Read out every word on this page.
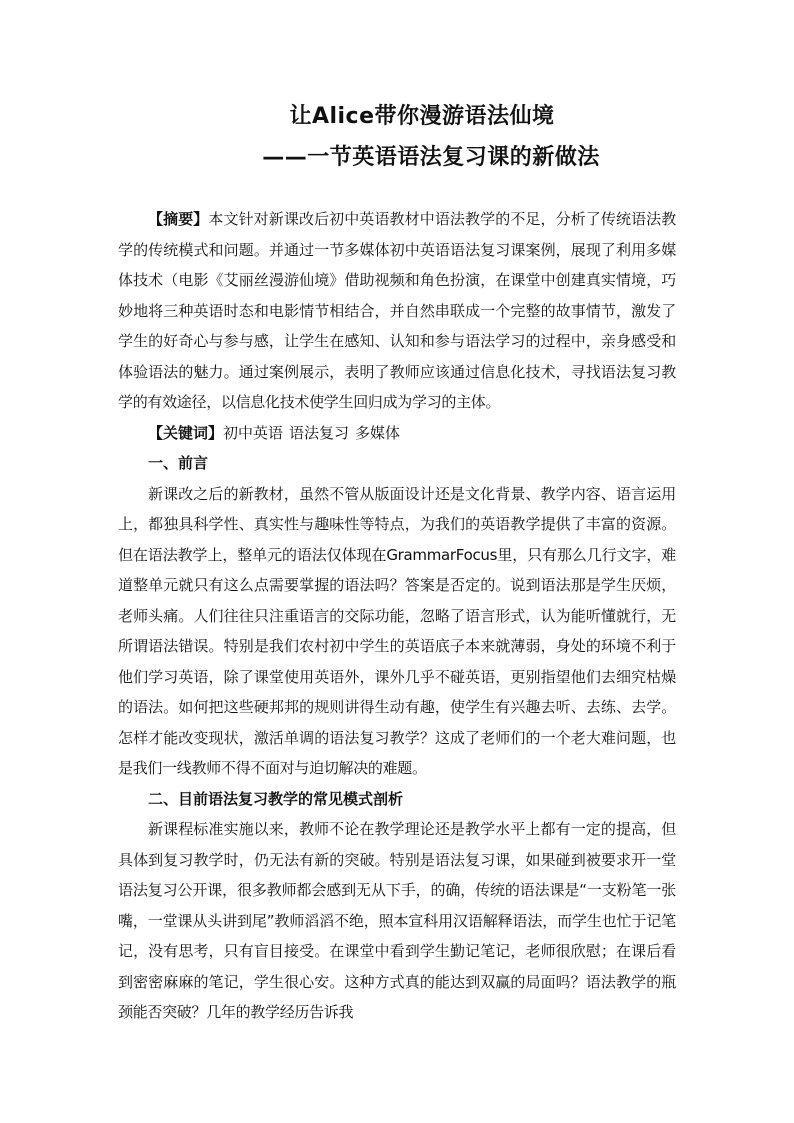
让Alice带你漫游语法仙境
——一节英语语法复习课的新做法

【摘要】本文针对新课改后初中英语教材中语法教学的不足，分析了传统语法教学的传统模式和问题。并通过一节多媒体初中英语语法复习课案例，展现了利用多媒体技术（电影《艾丽丝漫游仙境》借助视频和角色扮演，在课堂中创建真实情境，巧妙地将三种英语时态和电影情节相结合，并自然串联成一个完整的故事情节，激发了学生的好奇心与参与感，让学生在感知、认知和参与语法学习的过程中，亲身感受和体验语法的魅力。通过案例展示，表明了教师应该通过信息化技术，寻找语法复习教学的有效途径，以信息化技术使学生回归成为学习的主体。

【关键词】初中英语 语法复习 多媒体

一、前言

新课改之后的新教材，虽然不管从版面设计还是文化背景、教学内容、语言运用上，都独具科学性、真实性与趣味性等特点，为我们的英语教学提供了丰富的资源。但在语法教学上，整单元的语法仅体现在GrammarFocus里，只有那么几行文字，难道整单元就只有这么点需要掌握的语法吗？答案是否定的。说到语法那是学生厌烦，老师头痛。人们往往只注重语言的交际功能，忽略了语言形式，认为能听懂就行，无所谓语法错误。特别是我们农村初中学生的英语底子本来就薄弱，身处的环境不利于他们学习英语，除了课堂使用英语外，课外几乎不碰英语，更别指望他们去细究枯燥的语法。如何把这些硬邦邦的规则讲得生动有趣，使学生有兴趣去听、去练、去学。怎样才能改变现状，激活单调的语法复习教学？这成了老师们的一个老大难问题，也是我们一线教师不得不面对与迫切解决的难题。

二、目前语法复习教学的常见模式剖析

新课程标准实施以来，教师不论在教学理论还是教学水平上都有一定的提高，但具体到复习教学时，仍无法有新的突破。特别是语法复习课，如果碰到被要求开一堂语法复习公开课，很多教师都会感到无从下手，的确，传统的语法课是“一支粉笔一张嘴，一堂课从头讲到尾”教师滔滔不绝，照本宣科用汉语解释语法，而学生也忙于记笔记，没有思考，只有盲目接受。在课堂中看到学生勤记笔记，老师很欣慰；在课后看到密密麻麻的笔记，学生很心安。这种方式真的能达到双赢的局面吗？语法教学的瓶颈能否突破？几年的教学经历告诉我
